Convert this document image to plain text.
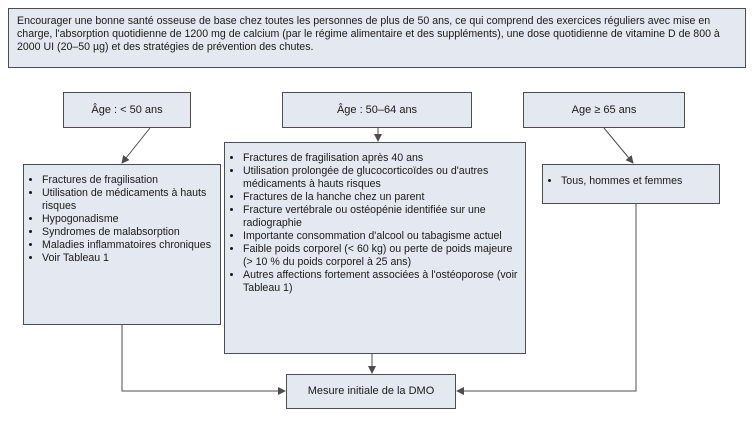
Encourager une bonne santé osseuse de base chez toutes les personnes de plus de 50 ans, ce qui comprend des exercices réguliers avec mise en charge, l'absorption quotidienne de 1200 mg de calcium (par le régime alimentaire et des suppléments), une dose quotidienne de vitamine D de 800 à 2000 UI (20–50 µg) et des stratégies de prévention des chutes.

Âge : < 50 ans	Âge : 50–64 ans	Age ≥ 65 ans
• Fractures de fragilisation
• Utilisation de médicaments à hauts risques
• Hypogonadisme
• Syndromes de malabsorption
• Maladies inflammatoires chroniques
• Voir Tableau 1
• Fractures de fragilisation après 40 ans
• Utilisation prolongée de glucocorticoïdes ou d'autres médicaments à hauts risques
• Fractures de la hanche chez un parent
• Fracture vertébrale ou ostéopénie identifiée sur une radiographie
• Importante consommation d'alcool ou tabagisme actuel
• Faible poids corporel (< 60 kg) ou perte de poids majeure (> 10 % du poids corporel à 25 ans)
• Autres affections fortement associées à l'ostéoporose (voir Tableau 1)
• Tous, hommes et femmes
Mesure initiale de la DMO
